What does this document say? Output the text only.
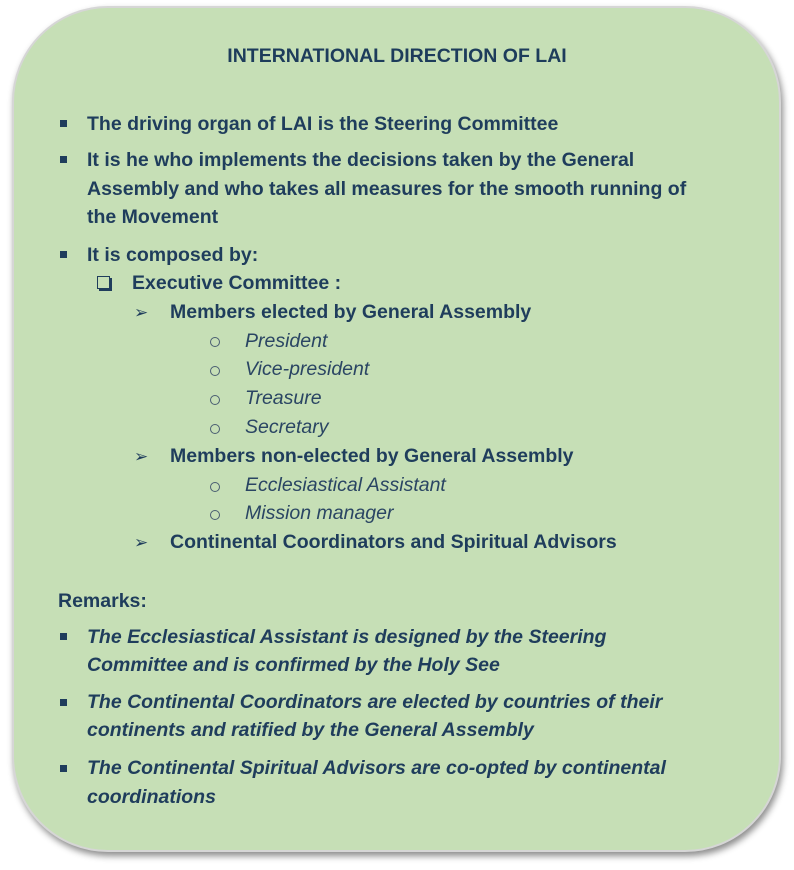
INTERNATIONAL DIRECTION OF LAI
The driving organ of LAI is the Steering Committee
It is he who implements the decisions taken by the General
Assembly and who takes all measures for the smooth running of
the Movement
It is composed by:
Executive Committee :
➢ Members elected by General Assembly
President
Vice-president
Treasure
Secretary
➢ Members non-elected by General Assembly
Ecclesiastical Assistant
Mission manager
➢ Continental Coordinators and Spiritual Advisors
Remarks:
The Ecclesiastical Assistant is designed by the Steering
Committee and is confirmed by the Holy See
The Continental Coordinators are elected by countries of their
continents and ratified by the General Assembly
The Continental Spiritual Advisors are co-opted by continental
coordinations
